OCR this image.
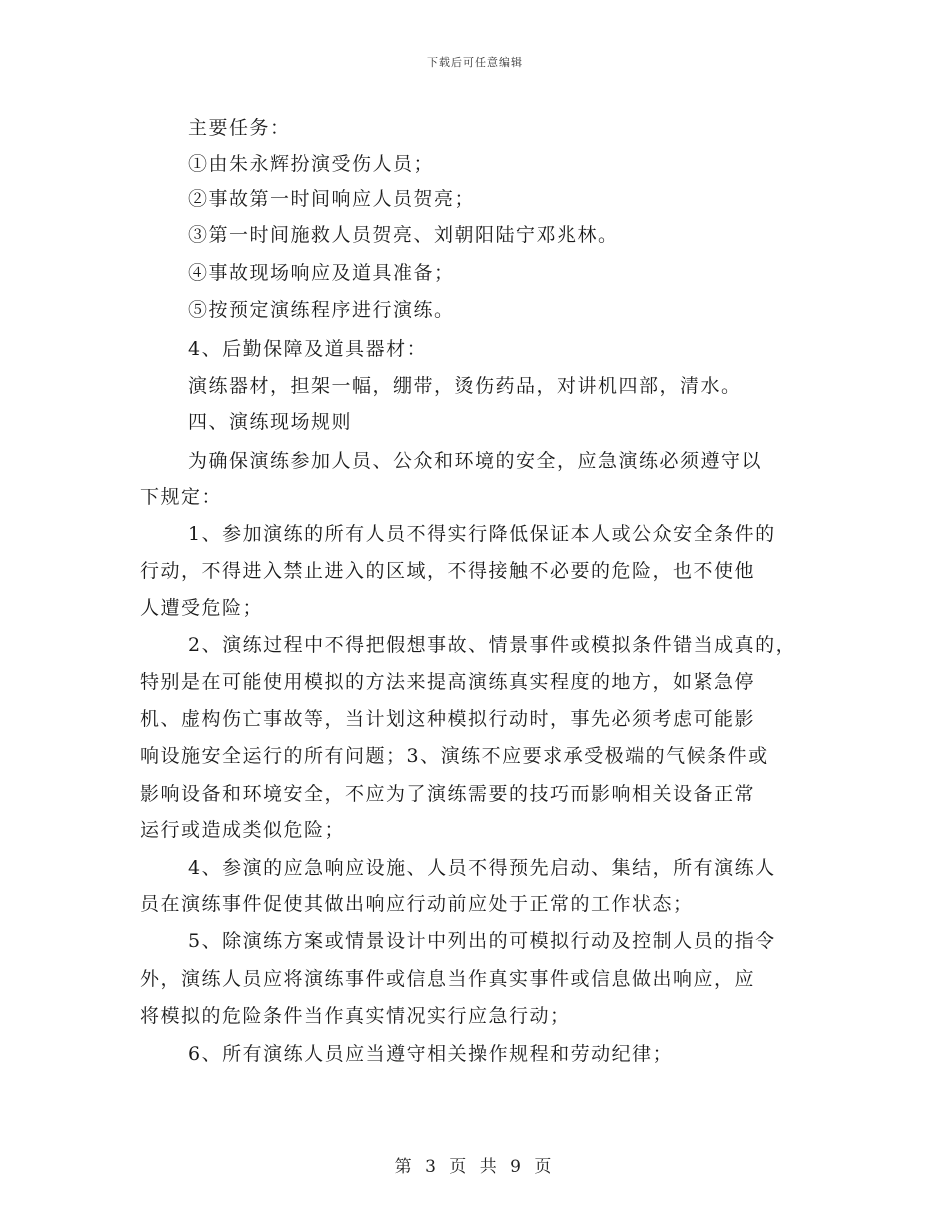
下载后可任意编辑
主要任务：
①由朱永辉扮演受伤人员；
②事故第一时间响应人员贺亮；
③第一时间施救人员贺亮、刘朝阳陆宁邓兆林。
④事故现场响应及道具准备；
⑤按预定演练程序进行演练。
4、后勤保障及道具器材：
演练器材，担架一幅，绷带，烫伤药品，对讲机四部，清水。
四、演练现场规则
为确保演练参加人员、公众和环境的安全，应急演练必须遵守以
下规定：
1、参加演练的所有人员不得实行降低保证本人或公众安全条件的
行动，不得进入禁止进入的区域，不得接触不必要的危险，也不使他
人遭受危险；
2、演练过程中不得把假想事故、情景事件或模拟条件错当成真的，
特别是在可能使用模拟的方法来提高演练真实程度的地方，如紧急停
机、虚构伤亡事故等，当计划这种模拟行动时，事先必须考虑可能影
响设施安全运行的所有问题；3、演练不应要求承受极端的气候条件或
影响设备和环境安全，不应为了演练需要的技巧而影响相关设备正常
运行或造成类似危险；
4、参演的应急响应设施、人员不得预先启动、集结，所有演练人
员在演练事件促使其做出响应行动前应处于正常的工作状态；
5、除演练方案或情景设计中列出的可模拟行动及控制人员的指令
外，演练人员应将演练事件或信息当作真实事件或信息做出响应，应
将模拟的危险条件当作真实情况实行应急行动；
6、所有演练人员应当遵守相关操作规程和劳动纪律；
第 3 页 共 9 页
